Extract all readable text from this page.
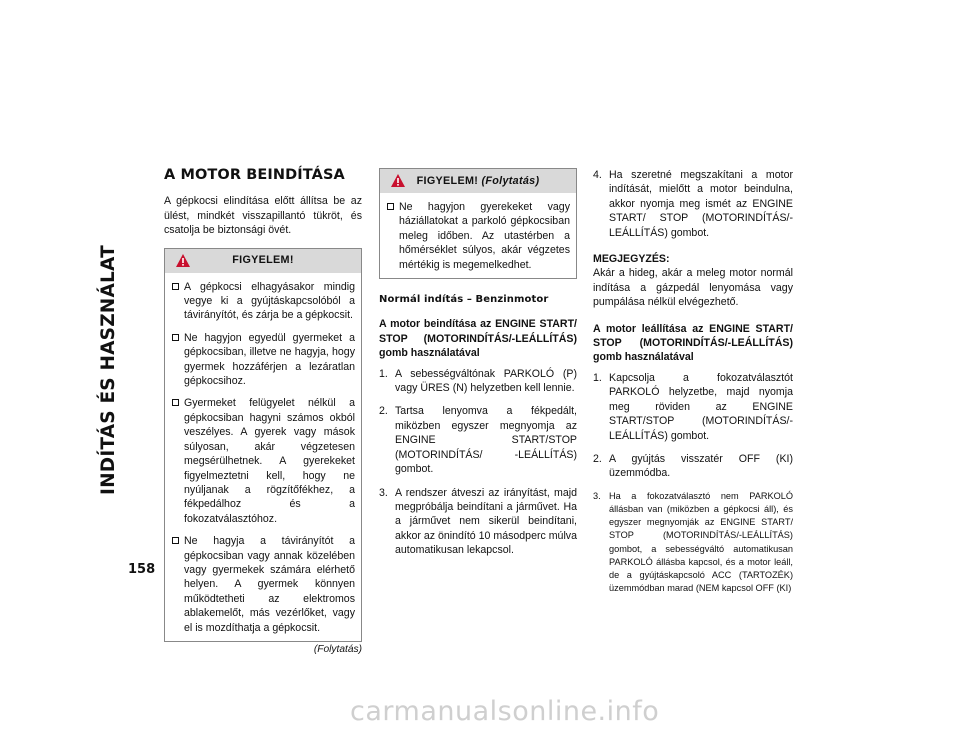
INDÍTÁS ÉS HASZNÁLAT
158
A MOTOR BEINDÍTÁSA

A gépkocsi elindítása előtt állítsa be az ülést, mindkét visszapillantó tükröt, és csatolja be biztonsági övét.

FIGYELEM!
A gépkocsi elhagyásakor mindig vegye ki a gyújtáskapcsolóból a távirányítót, és zárja be a gépkocsit.
Ne hagyjon egyedül gyermeket a gépkocsiban, illetve ne hagyja, hogy gyermek hozzáférjen a lezáratlan gépkocsihoz.
Gyermeket felügyelet nélkül a gépkocsiban hagyni számos okból veszélyes. A gyerek vagy mások súlyosan, akár végzetesen megsérülhetnek. A gyerekeket figyelmeztetni kell, hogy ne nyúljanak a rögzítőfékhez, a fékpedálhoz és a fokozatválasztóhoz.
Ne hagyja a távirányítót a gépkocsiban vagy annak közelében vagy gyermekek számára elérhető helyen. A gyermek könnyen működtetheti az elektromos ablakemelőt, más vezérlőket, vagy el is mozdíthatja a gépkocsit.
(Folytatás)
FIGYELEM!
(Folytatás)
Ne hagyjon gyerekeket vagy háziállatokat a parkoló gépkocsiban meleg időben. Az utastérben a hőmérséklet súlyos, akár végzetes mértékig is megemelkedhet.

Normál indítás – Benzinmotor

A motor beindítása az ENGINE START/ STOP (MOTORINDÍTÁS/-LEÁLLÍTÁS) gomb használatával

1. A sebességváltónak PARKOLÓ (P) vagy ÜRES (N) helyzetben kell lennie.
2. Tartsa lenyomva a fékpedált, miközben egyszer megnyomja az ENGINE START/STOP (MOTORINDÍTÁS/ -LEÁLLÍTÁS) gombot.
3. A rendszer átveszi az irányítást, majd megpróbálja beindítani a járművet. Ha a járművet nem sikerül beindítani, akkor az önindító 10 másodperc múlva automatikusan lekapcsol.
4. Ha szeretné megszakítani a motor indítását, mielőtt a motor beindulna, akkor nyomja meg ismét az ENGINE START/ STOP (MOTORINDÍTÁS/-LEÁLLÍTÁS) gombot.

MEGJEGYZÉS:

Akár a hideg, akár a meleg motor normál indítása a gázpedál lenyomása vagy pumpálása nélkül elvégezhető.

A motor leállítása az ENGINE START/ STOP (MOTORINDÍTÁS/-LEÁLLÍTÁS) gomb használatával

1. Kapcsolja a fokozatválasztót PARKOLÓ helyzetbe, majd nyomja meg röviden az ENGINE START/STOP (MOTORINDÍTÁS/-LEÁLLÍTÁS) gombot.
2. A gyújtás visszatér OFF (KI) üzemmódba.
3. Ha a fokozatválasztó nem PARKOLÓ állásban van (miközben a gépkocsi áll), és egyszer megnyomják az ENGINE START/ STOP (MOTORINDÍTÁS/-LEÁLLÍTÁS) gombot, a sebességváltó automatikusan PARKOLÓ állásba kapcsol, és a motor leáll, de a gyújtáskapcsoló ACC (TARTOZÉK) üzemmódban marad (NEM kapcsol OFF (KI)
carmanualsonline.info
